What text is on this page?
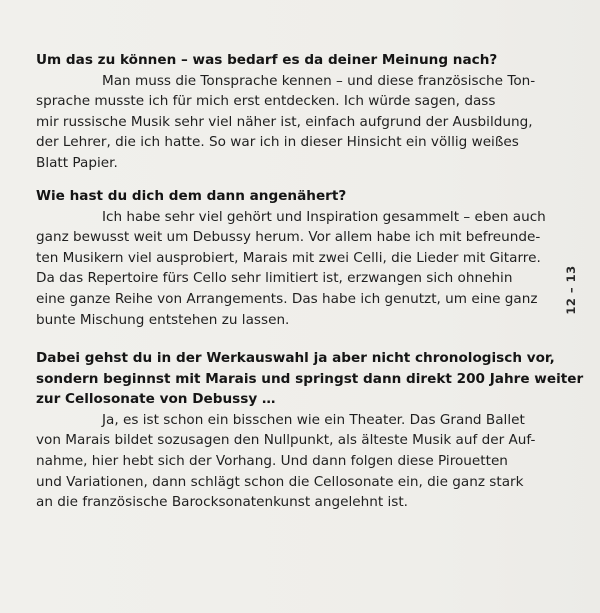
Um das zu können – was bedarf es da deiner Meinung nach?
Man muss die Tonsprache kennen – und diese französische Ton-
sprache musste ich für mich erst entdecken. Ich würde sagen, dass
mir russische Musik sehr viel näher ist, einfach aufgrund der Ausbildung,
der Lehrer, die ich hatte. So war ich in dieser Hinsicht ein völlig weißes
Blatt Papier.
Wie hast du dich dem dann angenähert?
Ich habe sehr viel gehört und Inspiration gesammelt – eben auch
ganz bewusst weit um Debussy herum. Vor allem habe ich mit befreunde-
ten Musikern viel ausprobiert, Marais mit zwei Celli, die Lieder mit Gitarre.
Da das Repertoire fürs Cello sehr limitiert ist, erzwangen sich ohnehin
eine ganze Reihe von Arrangements. Das habe ich genutzt, um eine ganz
bunte Mischung entstehen zu lassen.
Dabei gehst du in der Werkauswahl ja aber nicht chronologisch vor,
sondern beginnst mit Marais und springst dann direkt 200 Jahre weiter
zur Cellosonate von Debussy …
Ja, es ist schon ein bisschen wie ein Theater. Das Grand Ballet
von Marais bildet sozusagen den Nullpunkt, als älteste Musik auf der Auf-
nahme, hier hebt sich der Vorhang. Und dann folgen diese Pirouetten
und Variationen, dann schlägt schon die Cellosonate ein, die ganz stark
an die französische Barocksonatenkunst angelehnt ist.
12 – 13
